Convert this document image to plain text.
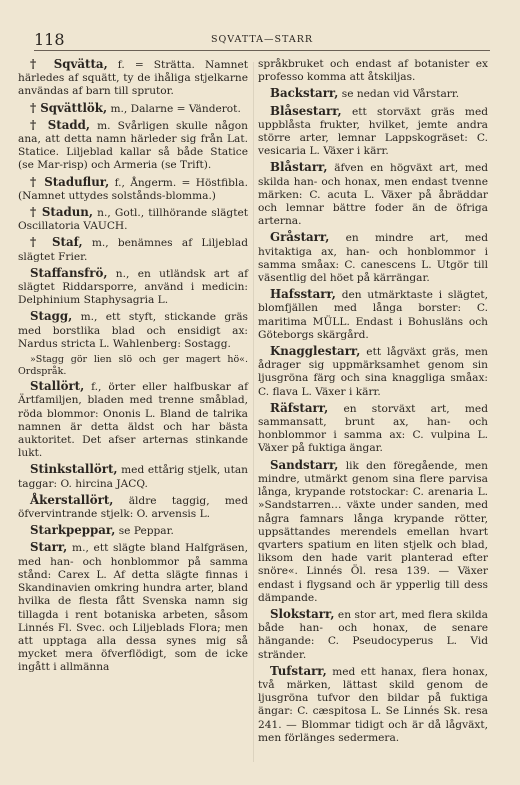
118	SQVATTA—STARR

† Sqvätta, f. = Strätta. Namnet härledes af squätt, ty de ihåliga stjelkarne användas af barn till sprutor.

† Sqvättlök, m., Dalarne = Vänderot.

† Stadd, m. Svårligen skulle någon ana, att detta namn härleder sig från Lat. Statice. Liljeblad kallar så både Statice (se Mar-risp) och Armeria (se Trift).

† Staduflur, f., Ångerm. = Höstfibla. (Namnet uttydes solstånds-blomma.)

† Stadun, n., Gotl., tillhörande slägtet Oscillatoria VAUCH.

† Staf, m., benämnes af Liljeblad slägtet Frier.

Staffansfrö, n., en utländsk art af slägtet Riddarsporre, använd i medicin: Delphinium Staphysagria L.

Stagg, m., ett styft, stickande gräs med borstlika blad och ensidigt ax: Nardus stricta L. Wahlenberg: Sostagg.

»Stagg gör lien slö och ger magert hö«. Ordspråk.

Stallört, f., örter eller halfbuskar af Ärtfamiljen, bladen med trenne småblad, röda blommor: Ononis L. Bland de talrika namnen är detta äldst och har bästa auktoritet. Det afser arternas stinkande lukt.

Stinkstallört, med ettårig stjelk, utan taggar: O. hircina JACQ.

Åkerstallört, äldre taggig, med öfvervintrande stjelk: O. arvensis L.

Starkpeppar, se Peppar.

Starr, m., ett slägte bland Halfgräsen, med han- och honblommor på samma stånd: Carex L. Af detta slägte finnas i Skandinavien omkring hundra arter, bland hvilka de flesta fått Svenska namn sig tillagda i rent botaniska arbeten, såsom Linnés Fl. Svec. och Liljeblads Flora; men att upptaga alla dessa synes mig så mycket mera öfverflödigt, som de icke ingått i allmänna

språkbruket och endast af botanister ex professo komma att åtskiljas.

Backstarr, se nedan vid Vårstarr.

Blåsestarr, ett storväxt gräs med uppblåsta frukter, hvilket, jemte andra större arter, lemnar Lappskogräset: C. vesicaria L. Växer i kärr.

Blåstarr, äfven en högväxt art, med skilda han- och honax, men endast tvenne märken: C. acuta L. Växer på åbräddar och lemnar bättre foder än de öfriga arterna.

Gråstarr, en mindre art, med hvitaktiga ax, han- och honblommor i samma småax: C. canescens L. Utgör till väsentlig del höet på kärrängar.

Hafsstarr, den utmärktaste i slägtet, blomfjällen med långa borster: C. maritima MÜLL. Endast i Bohusläns och Göteborgs skärgård.

Knagglestarr, ett lågväxt gräs, men ådrager sig uppmärksamhet genom sin ljusgröna färg och sina knaggliga småax: C. flava L. Växer i kärr.

Räfstarr, en storväxt art, med sammansatt, brunt ax, han- och honblommor i samma ax: C. vulpina L. Växer på fuktiga ängar.

Sandstarr, lik den föregående, men mindre, utmärkt genom sina flere parvisa långa, krypande rotstockar: C. arenaria L. »Sandstarren… växte under sanden, med några famnars långa krypande rötter, uppsättandes merendels emellan hvart qvarters spatium en liten stjelk och blad, liksom den hade varit planterad efter snöre«. Linnés Öl. resa 139. — Växer endast i flygsand och är ypperlig till dess dämpande.

Slokstarr, en stor art, med flera skilda både han- och honax, de senare hängande: C. Pseudocyperus L. Vid stränder.

Tufstarr, med ett hanax, flera honax, två märken, lättast skild genom de ljusgröna tufvor den bildar på fuktiga ängar: C. cæspitosa L. Se Linnés Sk. resa 241. — Blommar tidigt och är då lågväxt, men förlänges sedermera.
